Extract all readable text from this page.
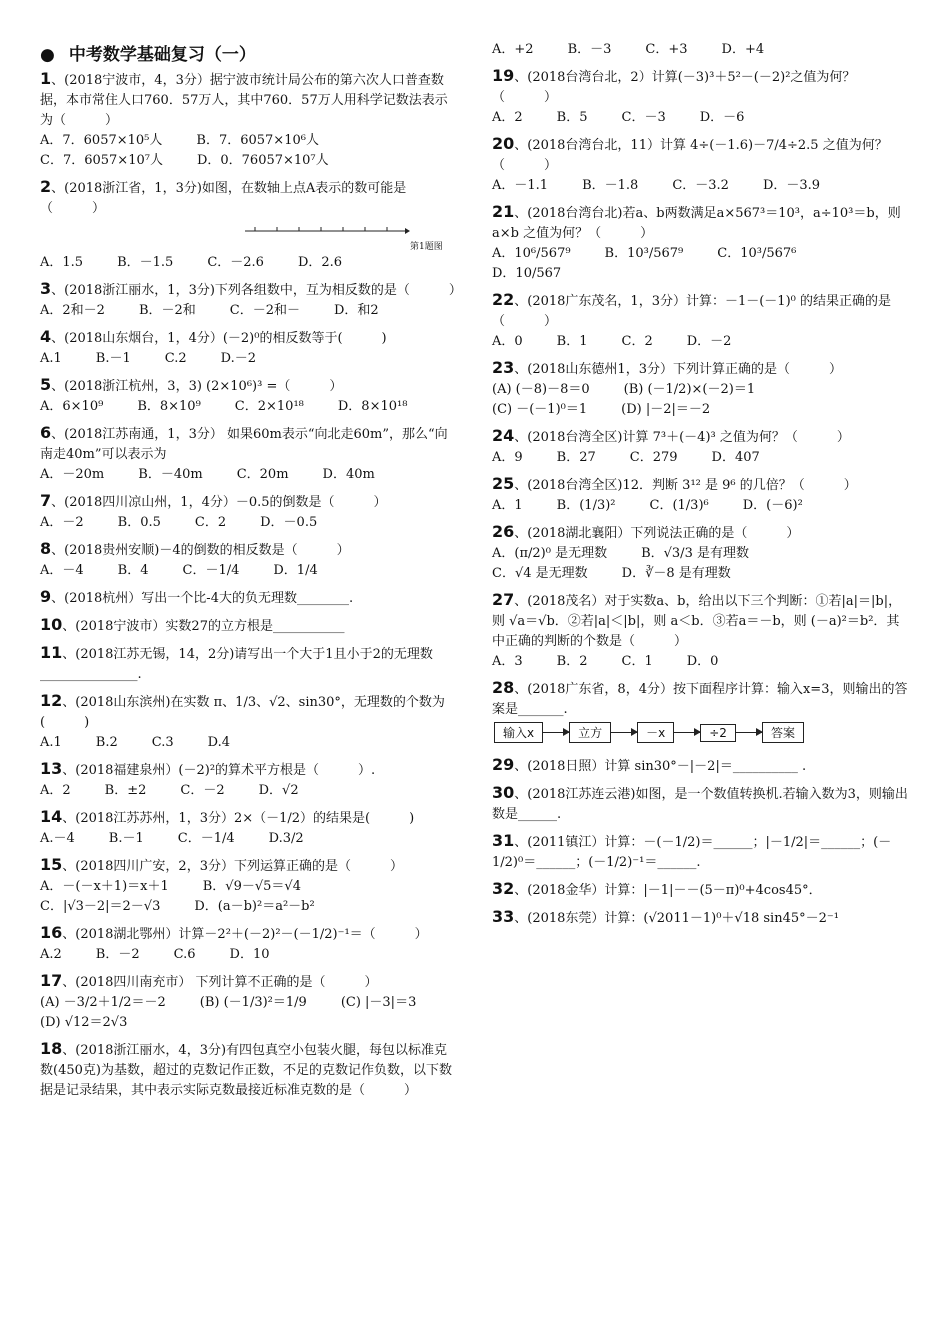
● 中考数学基础复习（一）

1、(2018宁波市，4，3分）据宁波市统计局公布的第六次人口普查数据，本市常住人口760．57万人，其中760．57万人用科学记数法表示为（　　　）

A．7．6057×10⁵人	B．7．6057×10⁶人
C．7．6057×10⁷人	D．0．76057×10⁷人

2、(2018浙江省，1，3分)如图，在数轴上点A表示的数可能是（　　　）

第1题图
A．1.5	B．－1.5	C．－2.6	D．2.6

3、(2018浙江丽水，1，3分)下列各组数中，互为相反数的是（　　　）

A．2和－2	B．－2和	C．－2和－	D．和2

4、(2018山东烟台，1，4分）(－2)⁰的相反数等于(　　　)

A.1	B.－1	C.2	D.－2

5、(2018浙江杭州，3，3) (2×10⁶)³ =（　　　）

A．6×10⁹	B．8×10⁹	C．2×10¹⁸	D．8×10¹⁸

6、(2018江苏南通，1，3分） 如果60m表示“向北走60m”，那么“向南走40m”可以表示为

A．－20m	B．－40m	C．20m	D．40m

7、(2018四川凉山州，1，4分）－0.5的倒数是（　　　）

A．－2	B．0.5	C．2	D．－0.5

8、(2018贵州安顺)－4的倒数的相反数是（　　　）

A．－4	B．4	C．－1/4	D．1/4

9、(2018杭州）写出一个比-4大的负无理数________.

10、(2018宁波市）实数27的立方根是___________

11、(2018江苏无锡，14，2分)请写出一个大于1且小于2的无理数_______________.

12、(2018山东滨州)在实数 π、1/3、√2、sin30°，无理数的个数为(　　　)

A.1	B.2	C.3	D.4

13、(2018福建泉州）(－2)²的算术平方根是（　　　）.

A．2	B．±2	C．－2	D．√2

14、(2018江苏苏州，1，3分）2×（－1/2）的结果是(　　　)

A.－4	B.－1	C．－1/4	D.3/2

15、(2018四川广安，2，3分）下列运算正确的是（　　　）

A．－(－x＋1)＝x＋1	B．√9－√5＝√4
C．|√3－2|＝2－√3	D．(a－b)²＝a²－b²

16、(2018湖北鄂州）计算－2²＋(－2)²－(－1/2)⁻¹＝（　　　）

A.2	B．－2	C.6	D．10

17、(2018四川南充市） 下列计算不正确的是（　　　）

(A) －3/2＋1/2＝－2	(B) (－1/3)²＝1/9	(C) |－3|＝3
(D) √12＝2√3

18、(2018浙江丽水，4，3分)有四包真空小包装火腿，每包以标准克数(450克)为基数，超过的克数记作正数，不足的克数记作负数，以下数据是记录结果，其中表示实际克数最接近标准克数的是（　　　）

A．+2	B．－3	C．+3	D．+4

19、(2018台湾台北，2）计算(－3)³＋5²－(－2)²之值为何？（　　　）

A．2	B．5	C．－3	D．－6

20、(2018台湾台北，11）计算 4÷(－1.6)－7/4÷2.5 之值为何？（　　　）

A．－1.1	B．－1.8	C．－3.2	D．－3.9

21、(2018台湾台北)若a、b两数满足a×567³＝10³，a÷10³＝b，则 a×b 之值为何？（　　　）

A．10⁶/567⁹	B．10³/567⁹	C．10³/567⁶
D．10/567

22、(2018广东茂名，1，3分）计算：－1－(－1)⁰ 的结果正确的是（　　　）

A．0	B．1	C．2	D．－2

23、(2018山东德州1，3分）下列计算正确的是（　　　）

(A) (－8)－8＝0	(B) (－1/2)×(－2)＝1
(C) －(－1)⁰＝1	(D) |－2|＝－2

24、(2018台湾全区)计算 7³＋(－4)³ 之值为何？（　　　）

A．9	B．27	C．279	D．407

25、(2018台湾全区)12．判断 3¹² 是 9⁶ 的几倍？（　　　）

A．1	B．(1/3)²	C．(1/3)⁶	D．(－6)²

26、(2018湖北襄阳）下列说法正确的是（　　　）

A．(π/2)⁰ 是无理数	B．√3/3 是有理数
C．√4 是无理数	D．∛－8 是有理数

27、(2018茂名）对于实数a、b，给出以下三个判断：①若|a|＝|b|，则 √a＝√b．②若|a|＜|b|，则 a＜b．③若a＝－b，则 (－a)²＝b²．其中正确的判断的个数是（　　　）

A．3	B．2	C．1	D．0

28、(2018广东省，8，4分）按下面程序计算：输入x=3，则输出的答案是_______.

输入x	立方	－x	÷2	答案

29、(2018日照）计算 sin30°－|－2|＝__________ .

30、(2018江苏连云港)如图，是一个数值转换机.若输入数为3，则输出数是______.

31、(2011镇江）计算：－(－1/2)＝______；|－1/2|＝______；(－1/2)⁰＝______；(－1/2)⁻¹＝______.

32、(2018金华）计算：|－1|－－(5－π)⁰+4cos45°．

33、(2018东莞）计算：(√2011－1)⁰＋√18 sin45°－2⁻¹
